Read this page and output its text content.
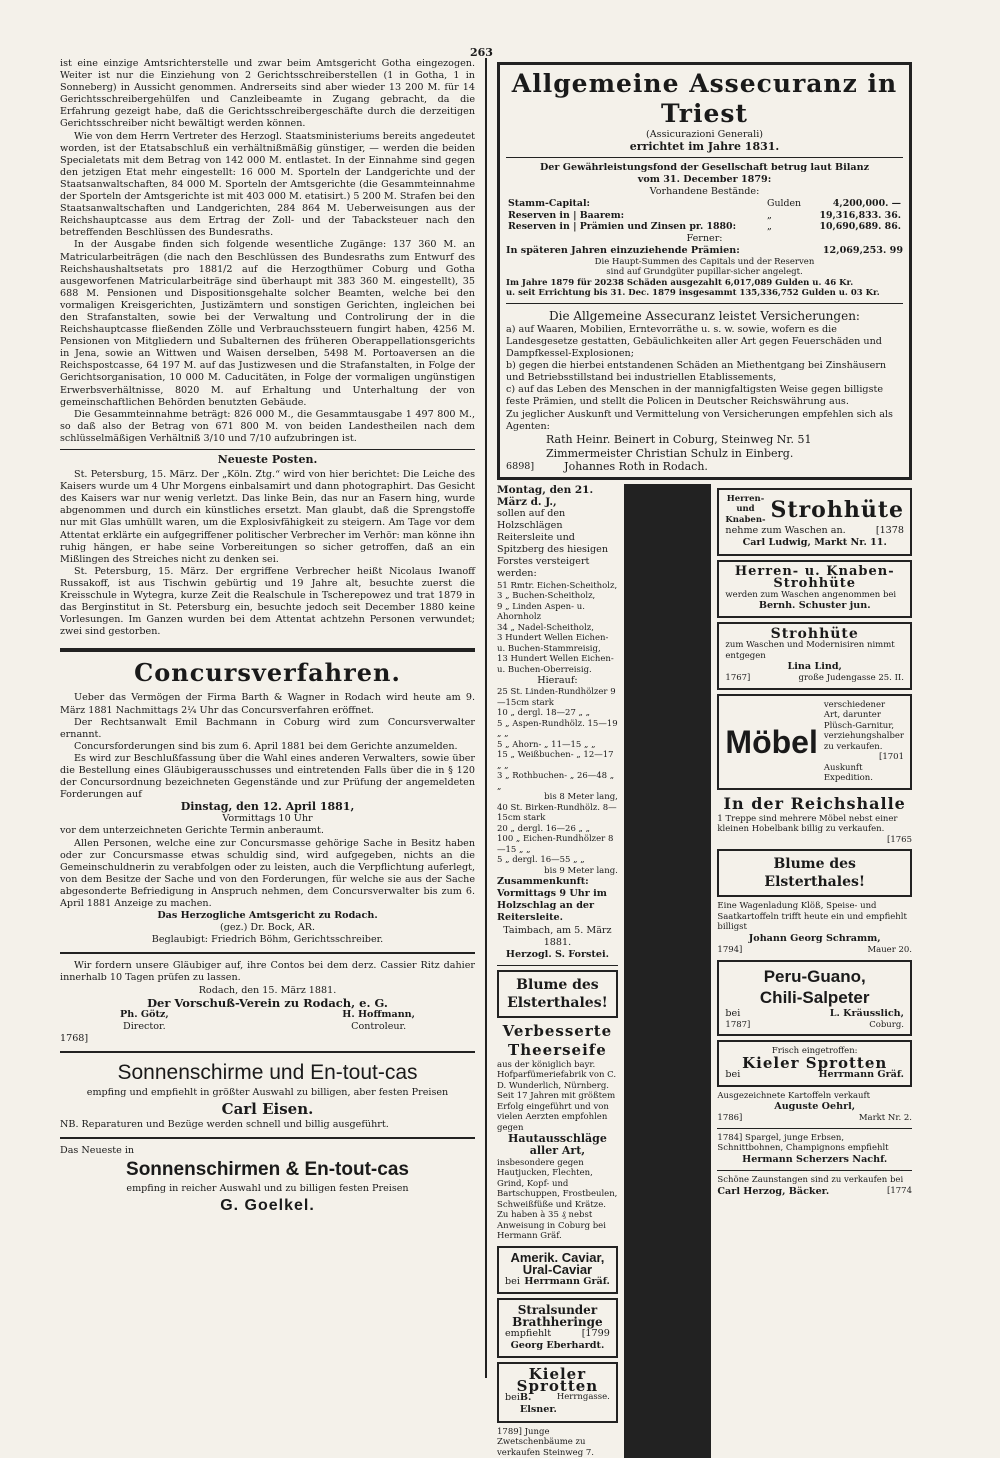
263

ist eine einzige Amtsrichterstelle und zwar beim Amtsgericht Gotha eingezogen. Weiter ist nur die Einziehung von 2 Gerichtsschreiberstellen (1 in Gotha, 1 in Sonneberg) in Aussicht genommen. Andrerseits sind aber wieder 13 200 M. für 14 Gerichtsschreibergehülfen und Canzleibeamte in Zugang gebracht, da die Erfahrung gezeigt habe, daß die Gerichtsschreibergeschäfte durch die derzeitigen Gerichtsschreiber nicht bewältigt werden können.

Wie von dem Herrn Vertreter des Herzogl. Staatsministeriums bereits angedeutet worden, ist der Etatsabschluß ein verhältnißmäßig günstiger, — werden die beiden Specialetats mit dem Betrag von 142 000 M. entlastet. In der Einnahme sind gegen den jetzigen Etat mehr eingestellt: 16 000 M. Sporteln der Landgerichte und der Staatsanwaltschaften, 84 000 M. Sporteln der Amtsgerichte (die Gesammteinnahme der Sporteln der Amtsgerichte ist mit 403 000 M. etatisirt.) 5 200 M. Strafen bei den Staatsanwaltschaften und Landgerichten, 284 864 M. Ueberweisungen aus der Reichshauptcasse aus dem Ertrag der Zoll- und der Tabacksteuer nach den betreffenden Beschlüssen des Bundesraths.

In der Ausgabe finden sich folgende wesentliche Zugänge: 137 360 M. an Matricularbeiträgen (die nach den Beschlüssen des Bundesraths zum Entwurf des Reichshaushaltsetats pro 1881/2 auf die Herzogthümer Coburg und Gotha ausgeworfenen Matricularbeiträge sind überhaupt mit 383 360 M. eingestellt), 35 688 M. Pensionen und Dispositionsgehalte solcher Beamten, welche bei den vormaligen Kreisgerichten, Justizämtern und sonstigen Gerichten, ingleichen bei den Strafanstalten, sowie bei der Verwaltung und Controlirung der in die Reichshauptcasse fließenden Zölle und Verbrauchssteuern fungirt haben, 4256 M. Pensionen von Mitgliedern und Subalternen des früheren Oberappellationsgerichts in Jena, sowie an Wittwen und Waisen derselben, 5498 M. Portoaversen an die Reichspostcasse, 64 197 M. auf das Justizwesen und die Strafanstalten, in Folge der Gerichtsorganisation, 10 000 M. Caducitäten, in Folge der vormaligen ungünstigen Erwerbsverhältnisse, 8020 M. auf Erhaltung und Unterhaltung der von gemeinschaftlichen Behörden benutzten Gebäude.

Die Gesammteinnahme beträgt: 826 000 M., die Gesammtausgabe 1 497 800 M., so daß also der Betrag von 671 800 M. von beiden Landestheilen nach dem schlüsselmäßigen Verhältniß 3/10 und 7/10 aufzubringen ist.

Neueste Posten.

St. Petersburg, 15. März. Der „Köln. Ztg.“ wird von hier berichtet: Die Leiche des Kaisers wurde um 4 Uhr Morgens einbalsamirt und dann photographirt. Das Gesicht des Kaisers war nur wenig verletzt. Das linke Bein, das nur an Fasern hing, wurde abgenommen und durch ein künstliches ersetzt. Man glaubt, daß die Sprengstoffe nur mit Glas umhüllt waren, um die Explosivfähigkeit zu steigern. Am Tage vor dem Attentat erklärte ein aufgegriffener politischer Verbrecher im Verhör: man könne ihn ruhig hängen, er habe seine Vorbereitungen so sicher getroffen, daß an ein Mißlingen des Streiches nicht zu denken sei.

St. Petersburg, 15. März. Der ergriffene Verbrecher heißt Nicolaus Iwanoff Russakoff, ist aus Tischwin gebürtig und 19 Jahre alt, besuchte zuerst die Kreisschule in Wytegra, kurze Zeit die Realschule in Tscherepowez und trat 1879 in das Berginstitut in St. Petersburg ein, besuchte jedoch seit December 1880 keine Vorlesungen. Im Ganzen wurden bei dem Attentat achtzehn Personen verwundet; zwei sind gestorben.

Concursverfahren.

Ueber das Vermögen der Firma Barth & Wagner in Rodach wird heute am 9. März 1881 Nachmittags 2¼ Uhr das Concursverfahren eröffnet.

Der Rechtsanwalt Emil Bachmann in Coburg wird zum Concursverwalter ernannt.

Concursforderungen sind bis zum 6. April 1881 bei dem Gerichte anzumelden.

Es wird zur Beschlußfassung über die Wahl eines anderen Verwalters, sowie über die Bestellung eines Gläubigerausschusses und eintretenden Falls über die in § 120 der Concursordnung bezeichneten Gegenstände und zur Prüfung der angemeldeten Forderungen auf

Dinstag, den 12. April 1881,
Vormittags 10 Uhr

vor dem unterzeichneten Gerichte Termin anberaumt.

Allen Personen, welche eine zur Concursmasse gehörige Sache in Besitz haben oder zur Concursmasse etwas schuldig sind, wird aufgegeben, nichts an die Gemeinschuldnerin zu verabfolgen oder zu leisten, auch die Verpflichtung auferlegt, von dem Besitze der Sache und von den Forderungen, für welche sie aus der Sache abgesonderte Befriedigung in Anspruch nehmen, dem Concursverwalter bis zum 6. April 1881 Anzeige zu machen.

Das Herzogliche Amtsgericht zu Rodach.
(gez.) Dr. Bock, AR.
Beglaubigt: Friedrich Böhm, Gerichtsschreiber.

Wir fordern unsere Gläubiger auf, ihre Contos bei dem derz. Cassier Ritz dahier innerhalb 10 Tagen prüfen zu lassen.

Rodach, den 15. März 1881.
Der Vorschuß-Verein zu Rodach, e. G.
Ph. Götz,
Director.
H. Hoffmann,
Controleur.
1768]
Sonnenschirme und En-tout-cas
empfing und empfiehlt in größter Auswahl zu billigen, aber festen Preisen
Carl Eisen.
NB. Reparaturen und Bezüge werden schnell und billig ausgeführt.
Das Neueste in
Sonnenschirmen & En-tout-cas
empfing in reicher Auswahl und zu billigen festen Preisen
G. Goelkel.
Allgemeine Assecuranz in Triest
(Assicurazioni Generali)
errichtet im Jahre 1831.
Der Gewährleistungsfond der Gesellschaft betrug laut Bilanz
vom 31. December 1879:
Vorhandene Bestände:
Stamm-Capital:	Gulden	4,200,000. —
Reserven in | Baarem:	„	19,316,833. 36.
Reserven in | Prämien und Zinsen pr. 1880:	„	10,690,689. 86.
Ferner:
In späteren Jahren einzuziehende Prämien:	12,069,253. 99
Die Haupt-Summen des Capitals und der Reserven
sind auf Grundgüter pupillar-sicher angelegt.
Im Jahre 1879 für 20238 Schäden ausgezahlt 6,017,089 Gulden u. 46 Kr.
u. seit Errichtung bis 31. Dec. 1879 insgesammt 135,336,752 Gulden u. 03 Kr.
Die Allgemeine Assecuranz leistet Versicherungen:
a) auf Waaren, Mobilien, Erntevorräthe u. s. w. sowie, wofern es die Landesgesetze gestatten, Gebäulichkeiten aller Art gegen Feuerschäden und Dampfkessel-Explosionen;
b) gegen die hierbei entstandenen Schäden an Miethentgang bei Zinshäusern und Betriebsstillstand bei industriellen Etablissements,
c) auf das Leben des Menschen in der mannigfaltigsten Weise gegen billigste feste Prämien, und stellt die Policen in Deutscher Reichswährung aus.
Zu jeglicher Auskunft und Vermittelung von Versicherungen empfehlen sich als Agenten:
Rath Heinr. Beinert in Coburg, Steinweg Nr. 51
Zimmermeister Christian Schulz in Einberg.
6898]	Johannes Roth in Rodach.
Montag, den 21. März d. J.,
sollen auf den Holzschlägen Reitersleite und Spitzberg des hiesigen Forstes versteigert werden:
51 Rmtr. Eichen-Scheitholz,
3 „ Buchen-Scheitholz,
9 „ Linden Aspen- u. Ahornholz
34 „ Nadel-Scheitholz,
3 Hundert Wellen Eichen- u. Buchen-Stammreisig,
13 Hundert Wellen Eichen- u. Buchen-Oberreisig.
Hierauf:
25 St. Linden-Rundhölzer 9—15cm stark
10 „ dergl. 18—27 „ „
5 „ Aspen-Rundhölz. 15—19 „ „
5 „ Ahorn- „ 11—15 „ „
15 „ Weißbuchen- „ 12—17 „ „
3 „ Rothbuchen- „ 26—48 „ „
bis 8 Meter lang,
40 St. Birken-Rundhölz. 8—15cm stark
20 „ dergl. 16—26 „ „
100 „ Eichen-Rundhölzer 8—15 „ „
5 „ dergl. 16—55 „ „
bis 9 Meter lang.
Zusammenkunft: Vormittags 9 Uhr im Holzschlag an der Reitersleite.
Taimbach, am 5. März 1881.
Herzogl. S. Forstei.
Blume des Elsterthales!
Verbesserte Theerseife
aus der königlich bayr. Hofparfümeriefabrik von C. D. Wunderlich, Nürnberg. Seit 17 Jahren mit größtem Erfolg eingeführt und von vielen Aerzten empfohlen gegen
Hautausschläge aller Art,
insbesondere gegen Hautjucken, Flechten, Grind, Kopf- und Bartschuppen, Frostbeulen, Schweißfüße und Krätze.
Zu haben à 35 ₰ nebst Anweisung in Coburg bei Hermann Gräf.
Amerik. Caviar,
Ural-Caviar
bei Herrmann Gräf.
Stralsunder Brathheringe
empfiehlt	[1799
Georg Eberhardt.
Kieler Sprotten
bei B. Elsner.
Herrngasse.
1789] Junge Zwetschenbäume zu verkaufen Steinweg 7.
Herren-
und
Knaben- Strohhüte
nehme zum Waschen an.	[1378
Carl Ludwig, Markt Nr. 11.
Herren- u. Knaben-
Strohhüte
werden zum Waschen angenommen bei
Bernh. Schuster jun.
Strohhüte
zum Waschen und Modernisiren nimmt entgegen
Lina Lind,
1767]	große Judengasse 25. II.
Möbel
verschiedener Art, darunter Plüsch-Garnitur,
verziehungshalber zu verkaufen.
[1701
Auskunft Expedition.
In der Reichshalle
1 Treppe sind mehrere Möbel nebst einer kleinen Hobelbank billig zu verkaufen.
[1765
Blume des Elsterthales!
Eine Wagenladung Klöß, Speise- und Saatkartoffeln trifft heute ein und empfiehlt billigst
Johann Georg Schramm,
1794]	Mauer 20.
Peru-Guano,
Chili-Salpeter
bei	L. Kräusslich,
1787]	Coburg.
Frisch eingetroffen:
Kieler Sprotten
bei	Herrmann Gräf.
Ausgezeichnete Kartoffeln verkauft
Auguste Oehrl,
1786]	Markt Nr. 2.
1784] Spargel, junge Erbsen, Schnittbohnen, Champignons empfiehlt
Hermann Scherzers Nachf.
Schöne Zaunstangen sind zu verkaufen bei
Carl Herzog, Bäcker.	[1774
